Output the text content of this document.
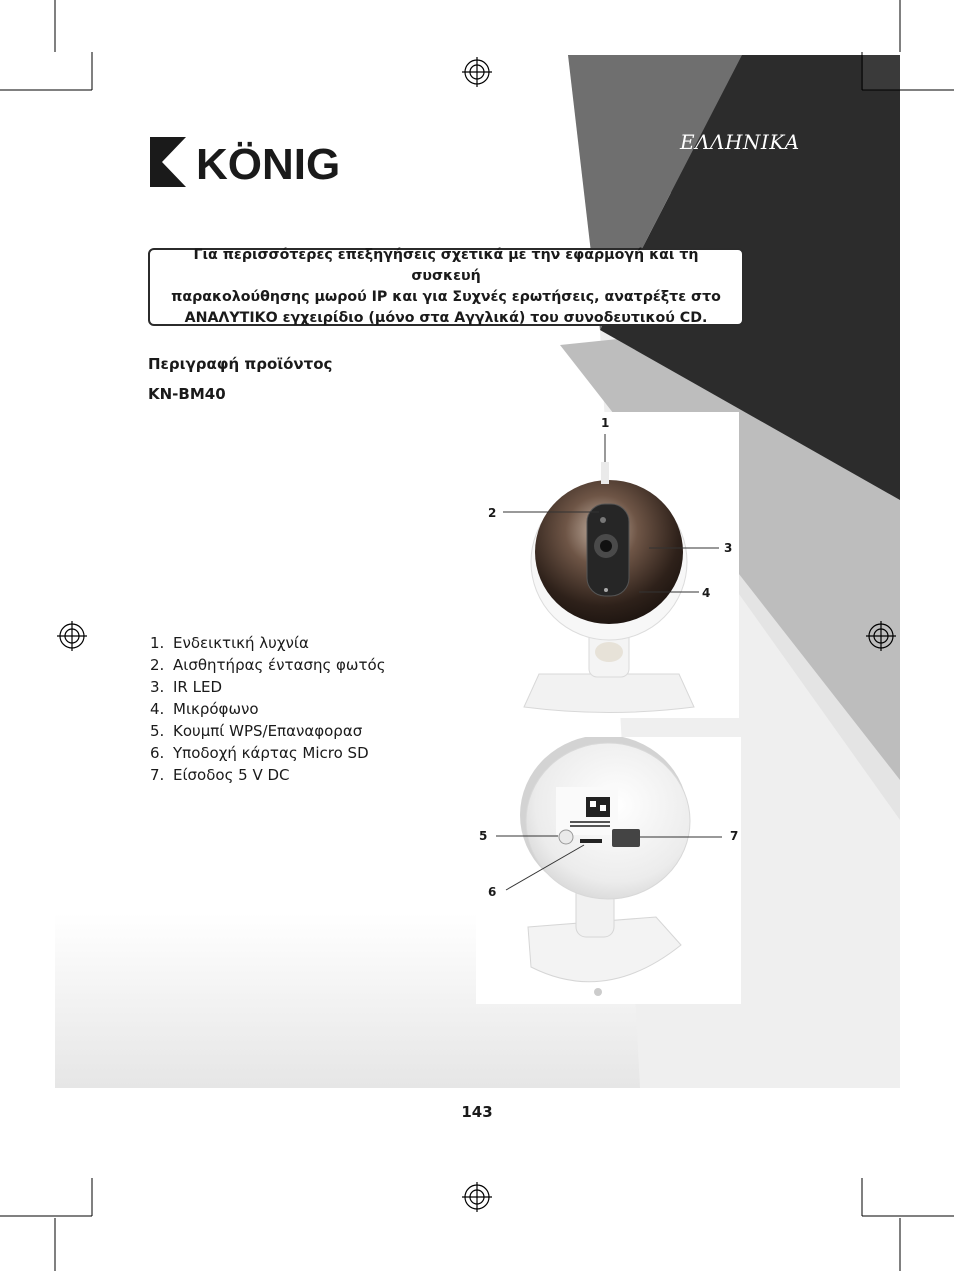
KÖNIG	ΕΛΛΗΝΙΚΑ
Για περισσότερες επεξηγήσεις σχετικά με την εφαρμογή και τη συσκευή
παρακολούθησης μωρού IP και για Συχνές ερωτήσεις, ανατρέξτε στο
ΑΝΑΛΥΤΙΚΟ εγχειρίδιο (μόνο στα Αγγλικά) του συνοδευτικού CD.
Περιγραφή προϊόντος
KN-BM40
1. Ενδεικτική λυχνία
2. Αισθητήρας έντασης φωτός
3. IR LED
4. Μικρόφωνο
5. Κουμπί WPS/Επαναφορασ
6. Υποδοχή κάρτας Micro SD
7. Είσοδος 5 V DC
1
2
3
4
5
6
7
143
